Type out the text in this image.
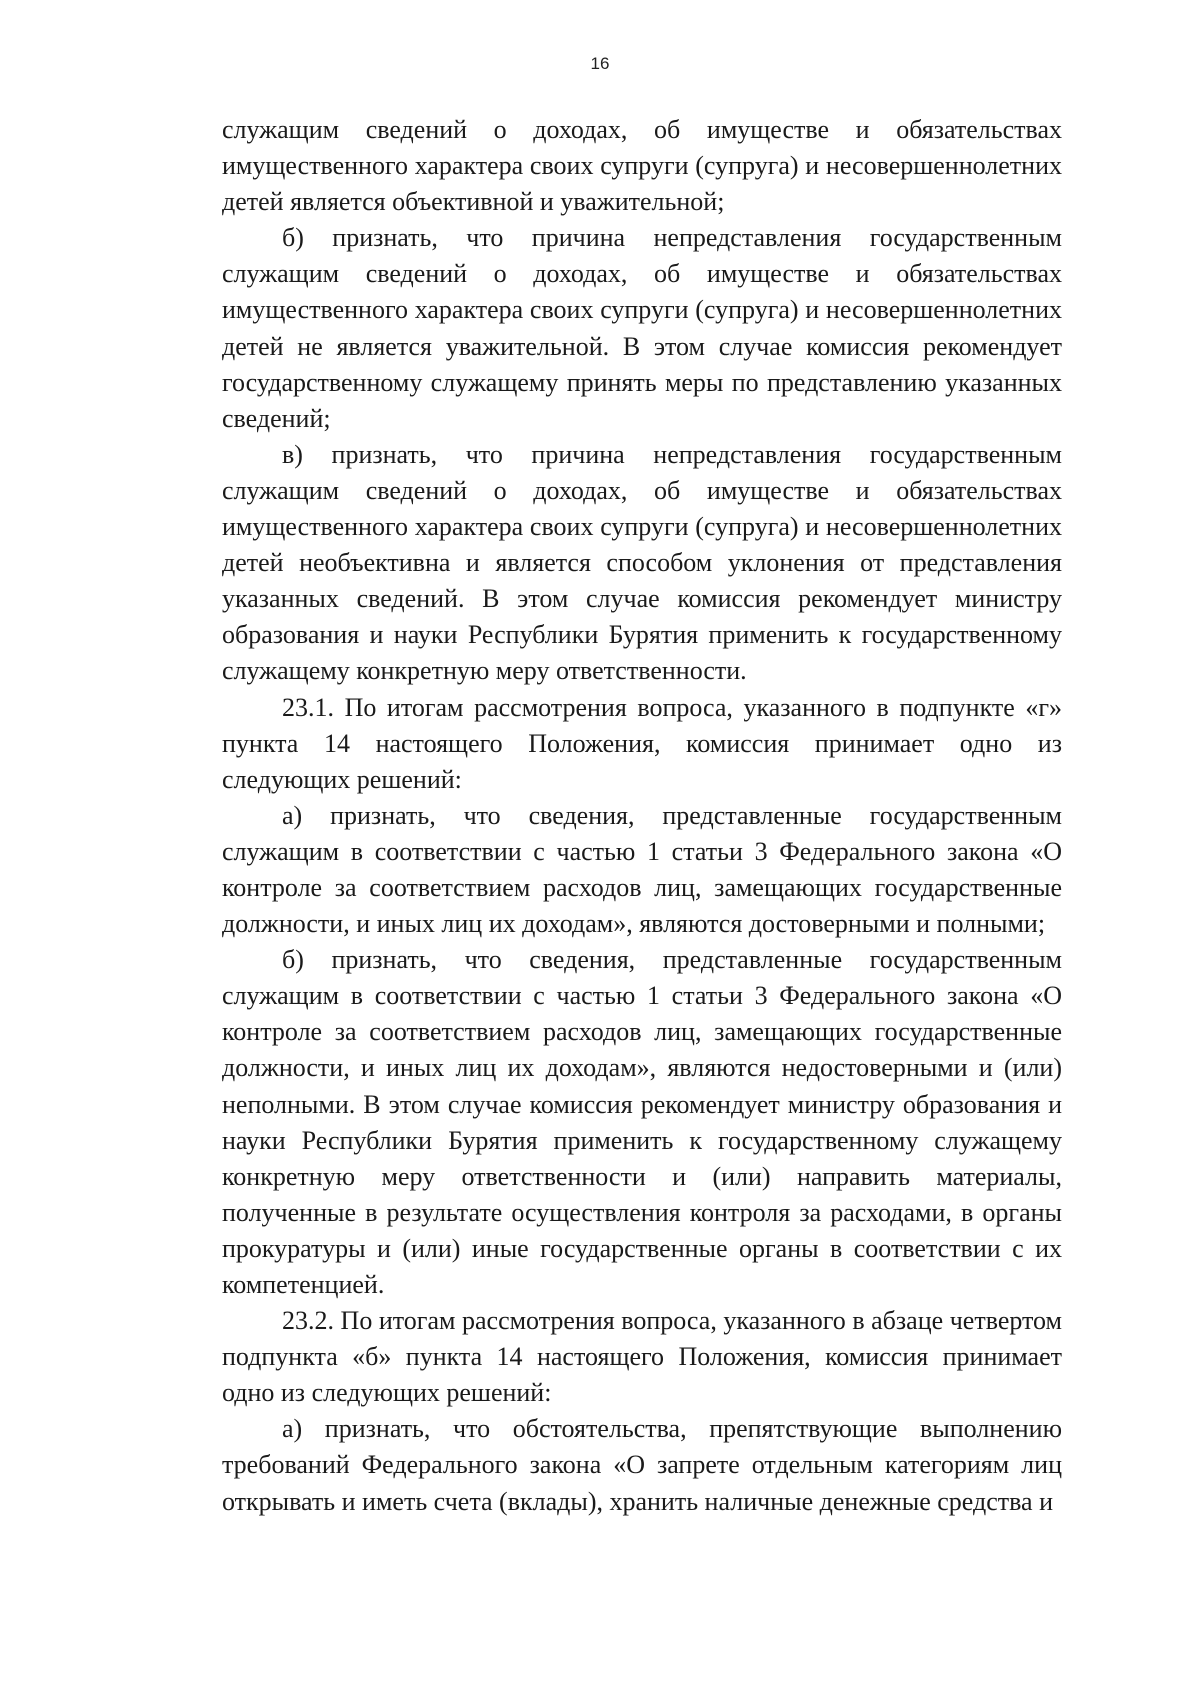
16

служащим сведений о доходах, об имуществе и обязательствах имущественного характера своих супруги (супруга) и несовершеннолетних детей является объективной и уважительной;

б) признать, что причина непредставления государственным служащим сведений о доходах, об имуществе и обязательствах имущественного характера своих супруги (супруга) и несовершеннолетних детей не является уважительной. В этом случае комиссия рекомендует государственному служащему принять меры по представлению указанных сведений;

в) признать, что причина непредставления государственным служащим сведений о доходах, об имуществе и обязательствах имущественного характера своих супруги (супруга) и несовершеннолетних детей необъективна и является способом уклонения от представления указанных сведений. В этом случае комиссия рекомендует министру образования и науки Республики Бурятия применить к государственному служащему конкретную меру ответственности.

23.1. По итогам рассмотрения вопроса, указанного в подпункте «г» пункта 14 настоящего Положения, комиссия принимает одно из следующих решений:

а) признать, что сведения, представленные государственным служащим в соответствии с частью 1 статьи 3 Федерального закона «О контроле за соответствием расходов лиц, замещающих государственные должности, и иных лиц их доходам», являются достоверными и полными;

б) признать, что сведения, представленные государственным служащим в соответствии с частью 1 статьи 3 Федерального закона «О контроле за соответствием расходов лиц, замещающих государственные должности, и иных лиц их доходам», являются недостоверными и (или) неполными. В этом случае комиссия рекомендует министру образования и науки Республики Бурятия применить к государственному служащему конкретную меру ответственности и (или) направить материалы, полученные в результате осуществления контроля за расходами, в органы прокуратуры и (или) иные государственные органы в соответствии с их компетенцией.

23.2. По итогам рассмотрения вопроса, указанного в абзаце четвертом подпункта «б» пункта 14 настоящего Положения, комиссия принимает одно из следующих решений:

а) признать, что обстоятельства, препятствующие выполнению требований Федерального закона «О запрете отдельным категориям лиц открывать и иметь счета (вклады), хранить наличные денежные средства и
